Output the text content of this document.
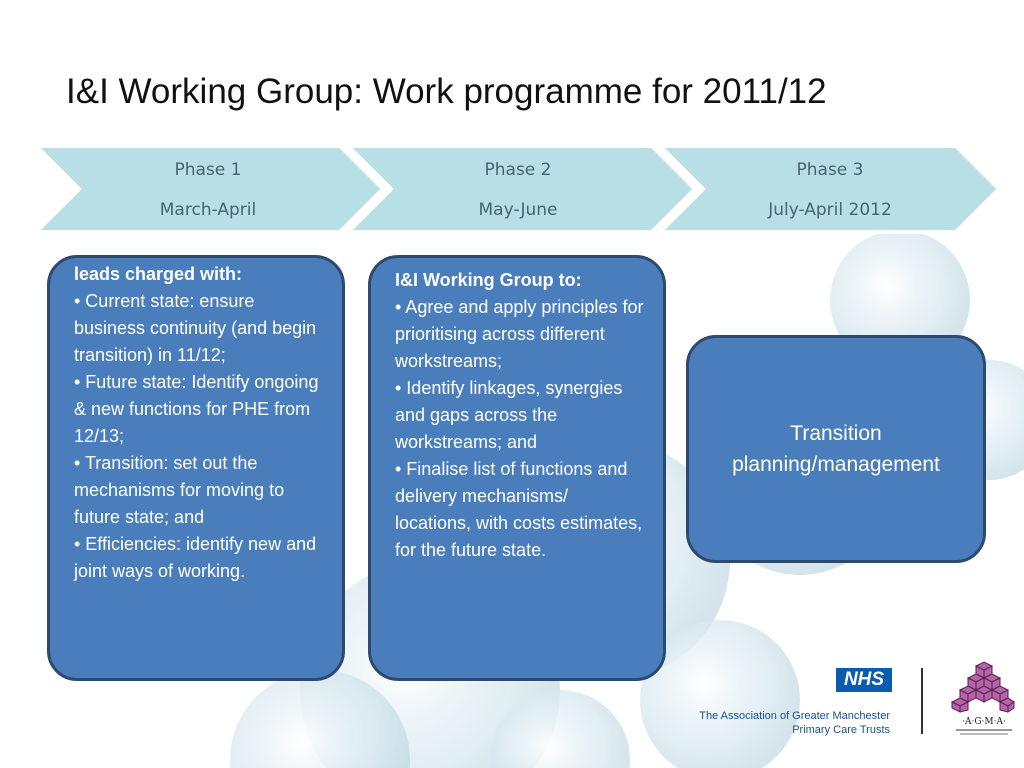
I&I Working Group: Work programme for 2011/12
Phase 1
March-April
Phase 2
May-June
Phase 3
July-April 2012

Nine workstream

leads charged with:

• Current state: ensure business continuity (and begin transition) in 11/12;

• Future state: Identify ongoing & new functions for PHE from 12/13;

• Transition: set out the mechanisms for moving to future state; and

• Efficiencies: identify new and joint ways of working.

I&I Working Group to:

• Agree and apply principles for prioritising across different workstreams;

• Identify linkages, synergies and gaps across the workstreams; and

• Finalise list of functions and delivery mechanisms/ locations, with costs estimates, for the future state.

Transition planning/management
NHS
The Association of Greater Manchester
Primary Care Trusts
·A·G·M·A·
